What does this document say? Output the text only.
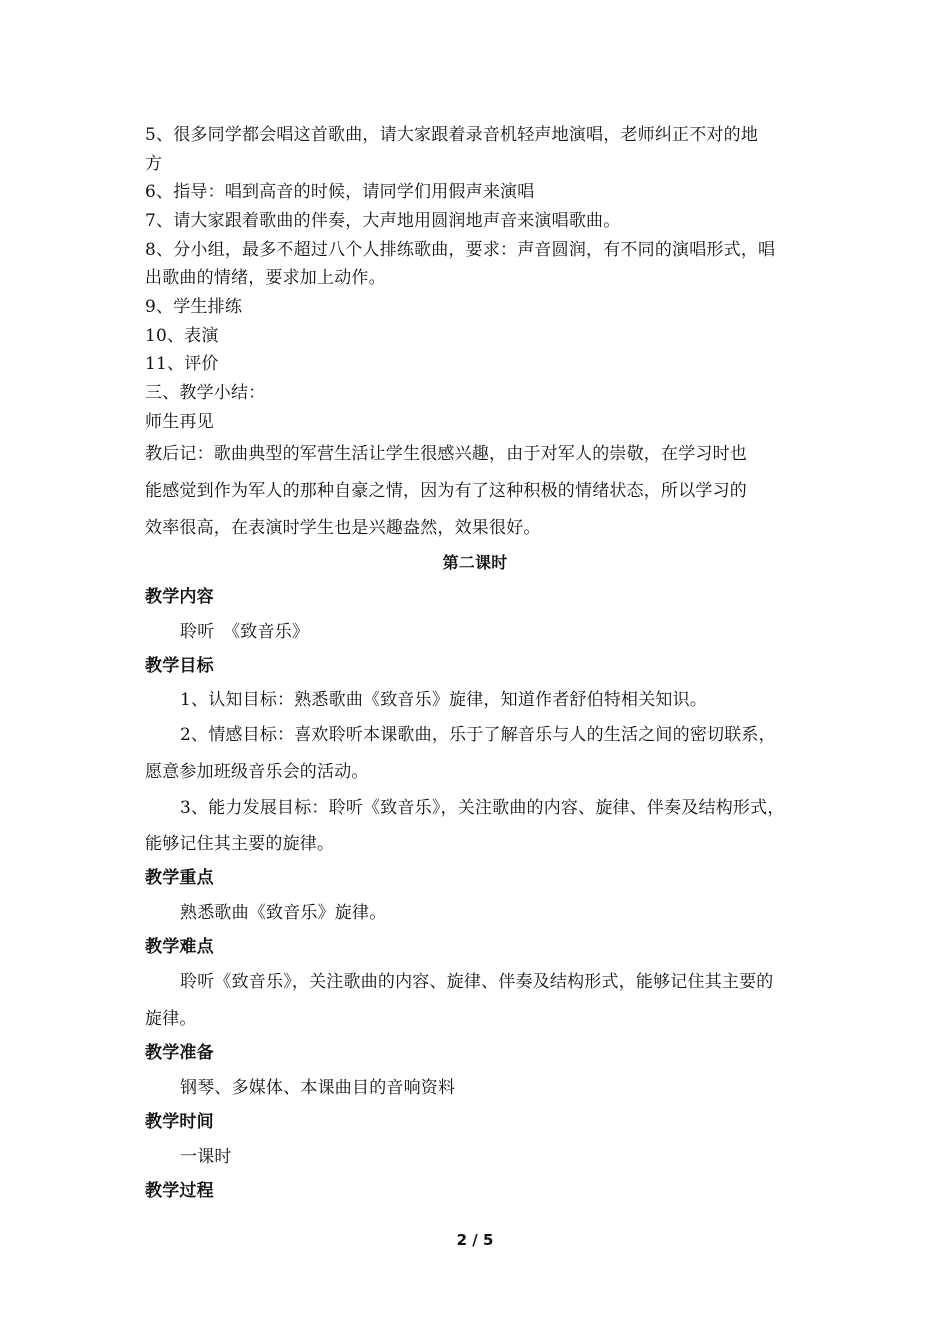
5、很多同学都会唱这首歌曲，请大家跟着录音机轻声地演唱，老师纠正不对的地
方
6、指导：唱到高音的时候，请同学们用假声来演唱
7、请大家跟着歌曲的伴奏，大声地用圆润地声音来演唱歌曲。
8、分小组，最多不超过八个人排练歌曲，要求：声音圆润，有不同的演唱形式，唱
出歌曲的情绪，要求加上动作。
9、学生排练
10、表演
11、评价
三、教学小结：
师生再见
教后记：歌曲典型的军营生活让学生很感兴趣，由于对军人的崇敬，在学习时也
能感觉到作为军人的那种自豪之情，因为有了这种积极的情绪状态，所以学习的
效率很高，在表演时学生也是兴趣盎然，效果很好。
第二课时
教学内容
聆听　《致音乐》
教学目标
1、认知目标：熟悉歌曲《致音乐》旋律，知道作者舒伯特相关知识。
2、情感目标：喜欢聆听本课歌曲，乐于了解音乐与人的生活之间的密切联系，
愿意参加班级音乐会的活动。
3、能力发展目标：聆听《致音乐》，关注歌曲的内容、旋律、伴奏及结构形式，
能够记住其主要的旋律。
教学重点
熟悉歌曲《致音乐》旋律。
教学难点
聆听《致音乐》，关注歌曲的内容、旋律、伴奏及结构形式，能够记住其主要的
旋律。
教学准备
钢琴、多媒体、本课曲目的音响资料
教学时间
一课时
教学过程
2 / 5
